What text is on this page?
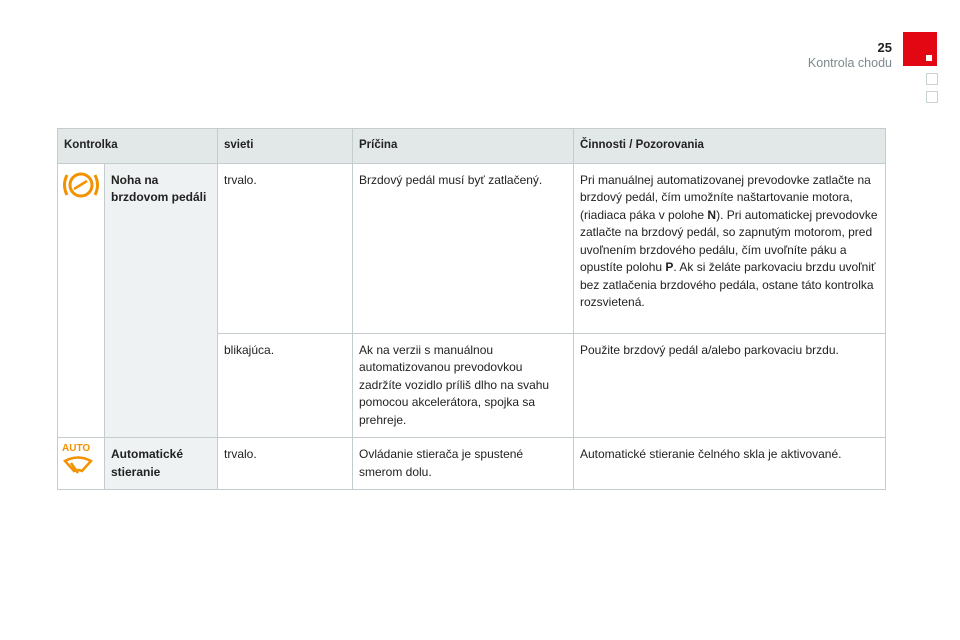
25
Kontrola chodu
Kontrolka		svieti	Príčina	Činnosti / Pozorovania
	Noha na brzdovom pedáli	trvalo.	Brzdový pedál musí byť zatlačený.	Pri manuálnej automatizovanej prevodovke zatlačte na brzdový pedál, čím umožníte naštartovanie motora, (riadiaca páka v polohe N). Pri automatickej prevodovke zatlačte na brzdový pedál, so zapnutým motorom, pred uvoľnením brzdového pedálu, čím uvoľníte páku a opustíte polohu P. Ak si želáte parkovaciu brzdu uvoľniť bez zatlačenia brzdového pedála, ostane táto kontrolka rozsvietená.
		blikajúca.	Ak na verzii s manuálnou automatizovanou prevodovkou zadržíte vozidlo príliš dlho na svahu pomocou akcelerátora, spojka sa prehreje.	Použite brzdový pedál a/alebo parkovaciu brzdu.

AUTO	Automatické stieranie	trvalo.	Ovládanie stierača je spustené smerom dolu.	Automatické stieranie čelného skla je aktivované.
